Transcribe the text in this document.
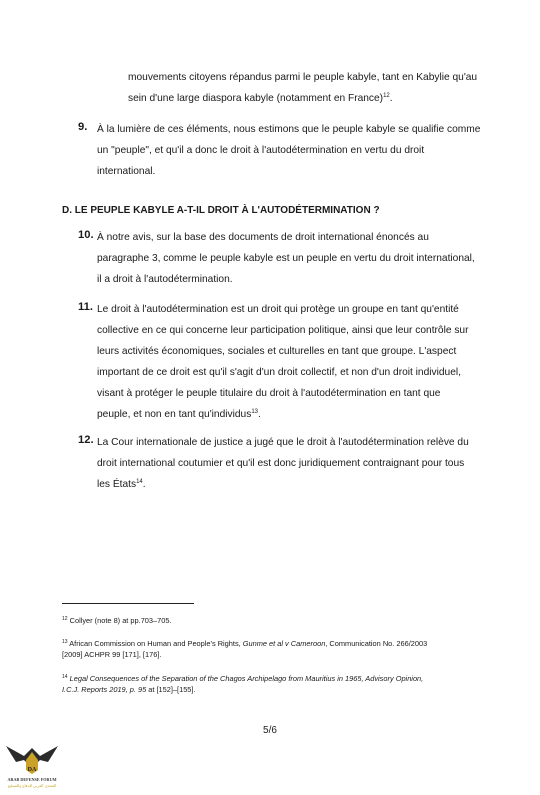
mouvements citoyens répandus parmi le peuple kabyle, tant en Kabylie qu'au
sein d'une large diaspora kabyle (notamment en France)$^{12}$.

9. À la lumière de ces éléments, nous estimons que le peuple kabyle se qualifie comme
un "peuple", et qu'il a donc le droit à l'autodétermination en vertu du droit
international.

D. LE PEUPLE KABYLE A-T-IL DROIT À L'AUTODÉTERMINATION ?
10. À notre avis, sur la base des documents de droit international énoncés au
paragraphe 3, comme le peuple kabyle est un peuple en vertu du droit international,
il a droit à l'autodétermination.

11. Le droit à l'autodétermination est un droit qui protège un groupe en tant qu'entité
collective en ce qui concerne leur participation politique, ainsi que leur contrôle sur
leurs activités économiques, sociales et culturelles en tant que groupe. L'aspect
important de ce droit est qu'il s'agit d'un droit collectif, et non d'un droit individuel,
visant à protéger le peuple titulaire du droit à l'autodétermination en tant que
peuple, et non en tant qu'individus$^{13}$.

12. La Cour internationale de justice a jugé que le droit à l'autodétermination relève du
droit international coutumier et qu'il est donc juridiquement contraignant pour tous
les États$^{14}$.

$^{12}$ Collyer (note 8) at pp.703–705.
$^{13}$ African Commission on Human and People's Rights, Gunme et al v Cameroon, Communication No. 266/2003
[2009] ACHPR 99 [171], [176].
$^{14}$ Legal Consequences of the Separation of the Chagos Archipelago from Mauritius in 1965, Advisory Opinion,
I.C.J. Reports 2019, p. 95 at [152]–[155].
5/6
DA
ARAB DEFENSE FORUM
المنتدى العربي للدفاع والتسليح
